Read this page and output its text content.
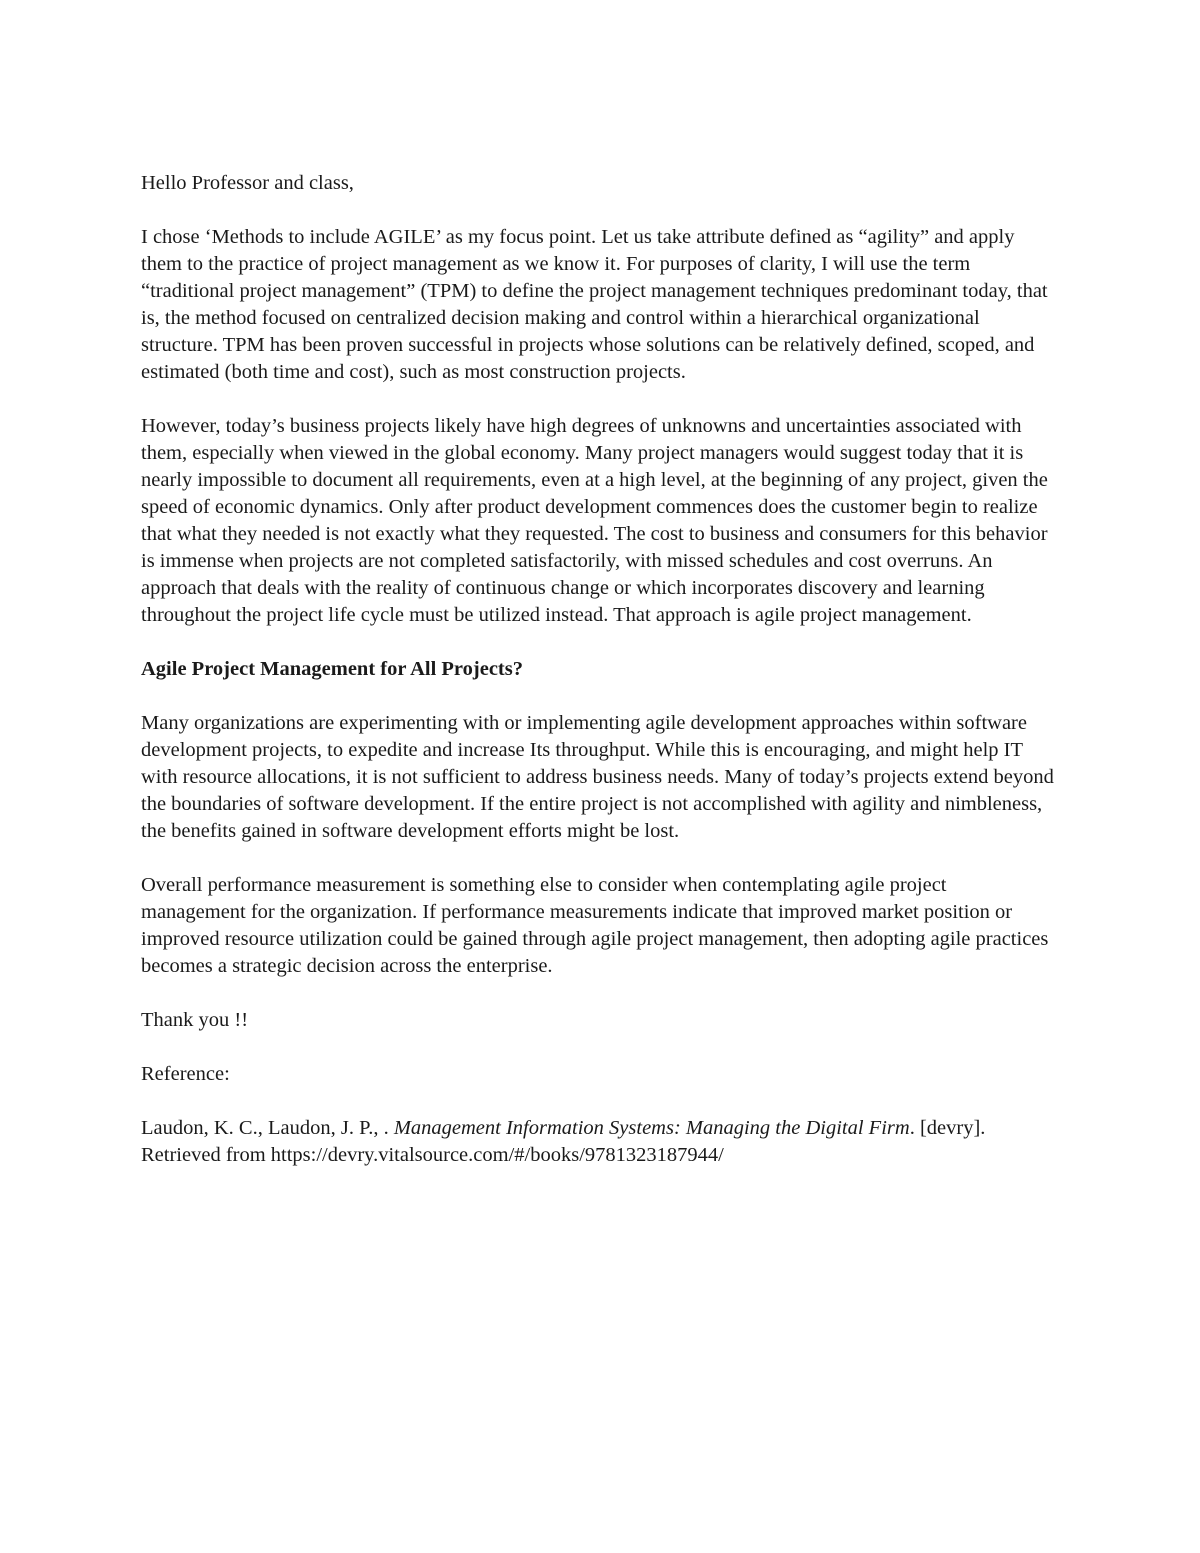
Hello Professor and class,

I chose ‘Methods to include AGILE’ as my focus point. Let us take attribute defined as “agility” and apply them to the practice of project management as we know it. For purposes of clarity, I will use the term “traditional project management” (TPM) to define the project management techniques predominant today, that is, the method focused on centralized decision making and control within a hierarchical organizational structure. TPM has been proven successful in projects whose solutions can be relatively defined, scoped, and estimated (both time and cost), such as most construction projects.

However, today’s business projects likely have high degrees of unknowns and uncertainties associated with them, especially when viewed in the global economy. Many project managers would suggest today that it is nearly impossible to document all requirements, even at a high level, at the beginning of any project, given the speed of economic dynamics. Only after product development commences does the customer begin to realize that what they needed is not exactly what they requested. The cost to business and consumers for this behavior is immense when projects are not completed satisfactorily, with missed schedules and cost overruns. An approach that deals with the reality of continuous change or which incorporates discovery and learning throughout the project life cycle must be utilized instead. That approach is agile project management.

Agile Project Management for All Projects?

Many organizations are experimenting with or implementing agile development approaches within software development projects, to expedite and increase Its throughput. While this is encouraging, and might help IT with resource allocations, it is not sufficient to address business needs. Many of today’s projects extend beyond the boundaries of software development. If the entire project is not accomplished with agility and nimbleness, the benefits gained in software development efforts might be lost.

Overall performance measurement is something else to consider when contemplating agile project management for the organization. If performance measurements indicate that improved market position or improved resource utilization could be gained through agile project management, then adopting agile practices becomes a strategic decision across the enterprise.

Thank you !!

Reference:

Laudon, K. C., Laudon, J. P., . Management Information Systems: Managing the Digital Firm. [devry]. Retrieved from https://devry.vitalsource.com/#/books/9781323187944/
